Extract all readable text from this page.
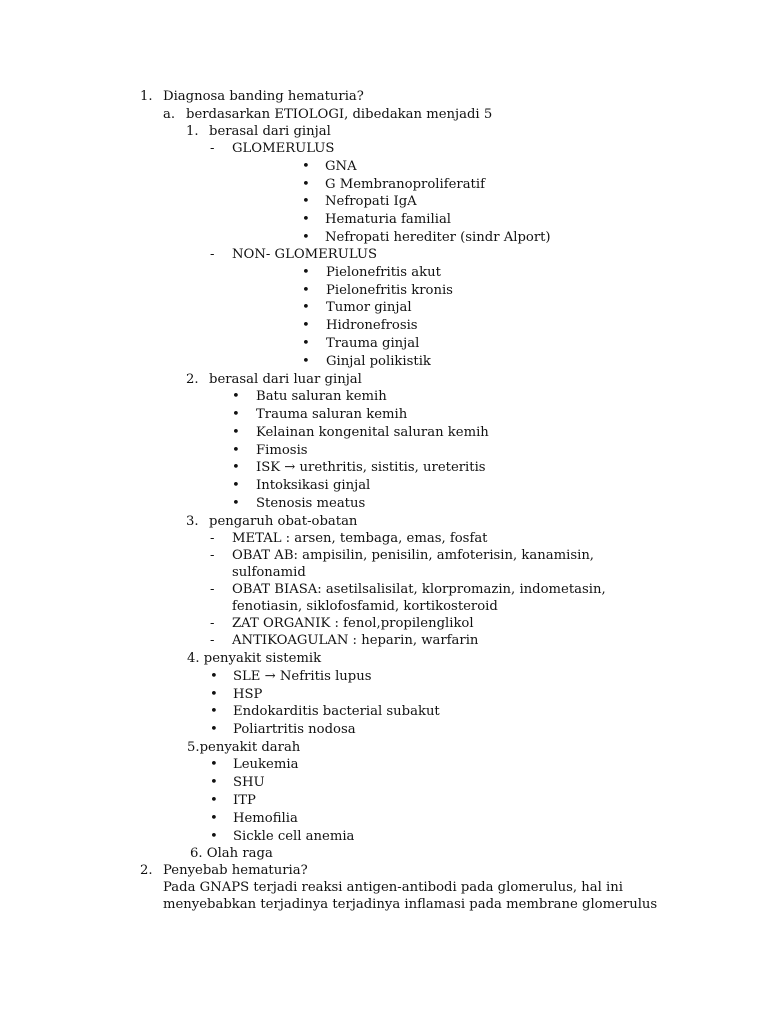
1. Diagnosa banding hematuria?
a. berdasarkan ETIOLOGI, dibedakan menjadi 5
1. berasal dari ginjal
- GLOMERULUS
• GNA
• G Membranoproliferatif
• Nefropati IgA
• Hematuria familial
• Nefropati herediter (sindr Alport)
- NON- GLOMERULUS
• Pielonefritis akut
• Pielonefritis kronis
• Tumor ginjal
• Hidronefrosis
• Trauma ginjal
• Ginjal polikistik
2. berasal dari luar ginjal
• Batu saluran kemih
• Trauma saluran kemih
• Kelainan kongenital saluran kemih
• Fimosis
• ISK → urethritis, sistitis, ureteritis
• Intoksikasi ginjal
• Stenosis meatus
3. pengaruh obat-obatan
- METAL : arsen, tembaga, emas, fosfat
- OBAT AB: ampisilin, penisilin, amfoterisin, kanamisin,
sulfonamid
- OBAT BIASA: asetilsalisilat, klorpromazin, indometasin,
fenotiasin, siklofosfamid, kortikosteroid
- ZAT ORGANIK : fenol,propilenglikol
- ANTIKOAGULAN : heparin, warfarin
4. penyakit sistemik
• SLE → Nefritis lupus
• HSP
• Endokarditis bacterial subakut
• Poliartritis nodosa
5.penyakit darah
• Leukemia
• SHU
• ITP
• Hemofilia
• Sickle cell anemia
6. Olah raga
2. Penyebab hematuria?
Pada GNAPS terjadi reaksi antigen-antibodi pada glomerulus, hal ini
menyebabkan terjadinya terjadinya inflamasi pada membrane glomerulus
